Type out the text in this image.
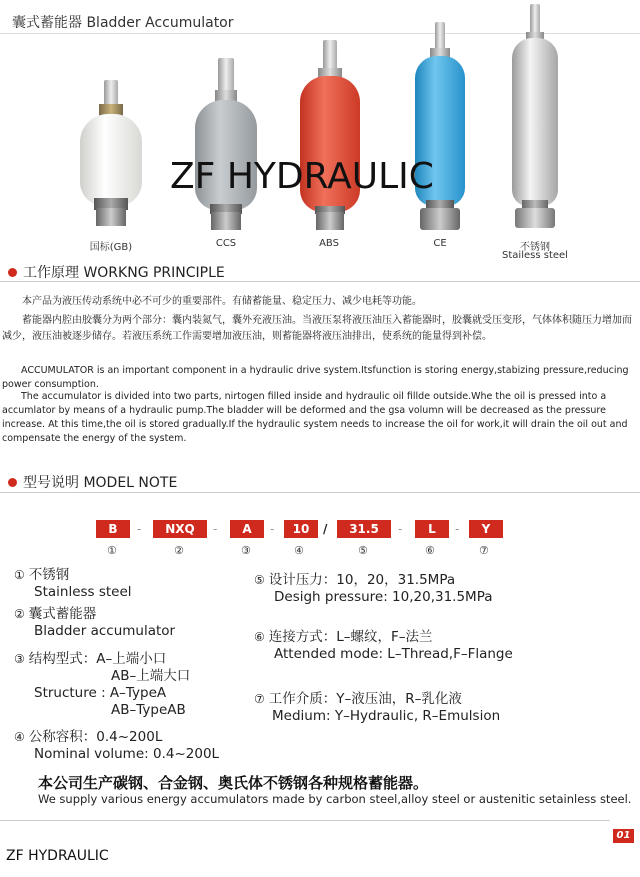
囊式蓄能器 Bladder Accumulator
国标(GB)	CCS	ABS	CE	不锈钢
Stailess steel
ZF HYDRAULIC
工作原理 WORKNG PRINCIPLE
　　本产品为液压传动系统中必不可少的重要部件。有储蓄能量、稳定压力、减少电耗等功能。
　　蓄能器内腔由胶囊分为两个部分：囊内装氮气，囊外充液压油。当液压泵将液压油压入蓄能器时，胶囊就受压变形，气体体积随压力增加而减少，液压油被逐步储存。若液压系统工作需要增加液压油，则蓄能器将液压油排出，使系统的能量得到补偿。
　　ACCUMULATOR is an important component in a hydraulic drive system.Itsfunction is storing energy,stabizing pressure,reducing power consumption.
　　The accumulator is divided into two parts, nirtogen filled inside and hydraulic oil fillde outside.Whe the oil is pressed into a accumlator by means of a hydraulic pump.The bladder will be deformed and the gsa volumn will be decreased as the pressure increase. At this time,the oil is stored gradually.If the hydraulic system needs to increase the oil for work,it will drain the oil out and compensate the energy of the system.
型号说明 MODEL NOTE
B	-	NXQ	-	A	-	10	/	31.5	-	L	-	Y
①	②	③	④	⑤	⑥	⑦
① 不锈钢
Stainless steel
② 囊式蓄能器
Bladder accumulator
③ 结构型式：A–上端小口
AB–上端大口
Structure : A–TypeA
AB–TypeAB
④ 公称容积：0.4~200L
Nominal volume: 0.4~200L
⑤ 设计压力：10，20，31.5MPa
Desigh pressure: 10,20,31.5MPa
⑥ 连接方式：L–螺纹，F–法兰
Attended mode: L–Thread,F–Flange
⑦ 工作介质：Y–液压油，R–乳化液
Medium: Y–Hydraulic, R–Emulsion
本公司生产碳钢、合金钢、奥氏体不锈钢各种规格蓄能器。
We supply various energy accumulators made by carbon steel,alloy steel or austenitic setainless steel.
01
ZF HYDRAULIC
